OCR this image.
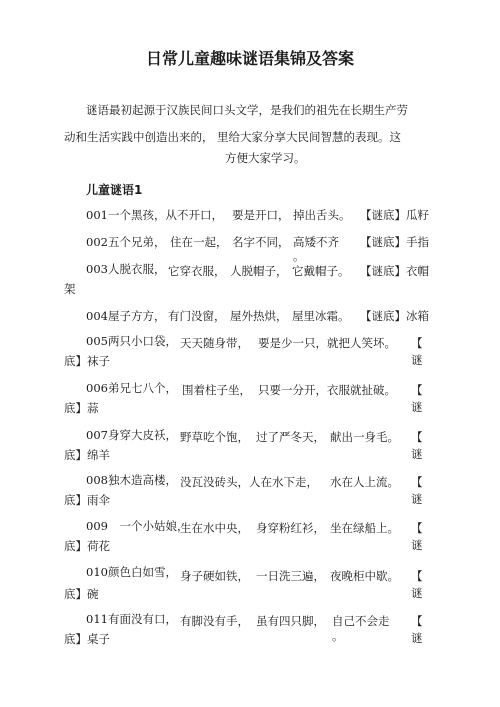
日常儿童趣味谜语集锦及答案
谜语最初起源于汉族民间口头文学，是我们的祖先在长期生产劳
动和生活实践中创造出来的， 里给大家分享大民间智慧的表现。这
方便大家学习。
儿童谜语1
001一个黑孩，从不开口， 要是开口， 掉出舌头。 【谜底】瓜籽
002五个兄弟， 住在一起， 名字不同， 高矮不齐
。
【谜底】手指
003人脱衣服， 它穿衣服， 人脱帽子， 它戴帽子。 【谜底】衣帽
架
004屋子方方， 有门没窗， 屋外热烘， 屋里冰霜。 【谜底】冰箱
005两只小口袋， 天天随身带， 要是少一只，就把人笑坏。 【
谜
底】袜子
006弟兄七八个， 围着柱子坐， 只要一分开，衣服就扯破。 【
谜
底】蒜
007身穿大皮袄， 野草吃个饱， 过了严冬天， 献出一身毛。 【
谜
底】绵羊
008独木造高楼， 没瓦没砖头， 人在水下走， 水在人上流。 【
谜
底】雨伞
009　一个小姑娘，
生在水中央， 身穿粉红衫， 坐在绿船上。 【
谜
底】荷花
010颜色白如雪， 身子硬如铁， 一日洗三遍， 夜晚柜中歇。 【
谜
底】碗
011有面没有口， 有脚没有手， 虽有四只脚， 自己不会走
。
【
谜
底】桌子
